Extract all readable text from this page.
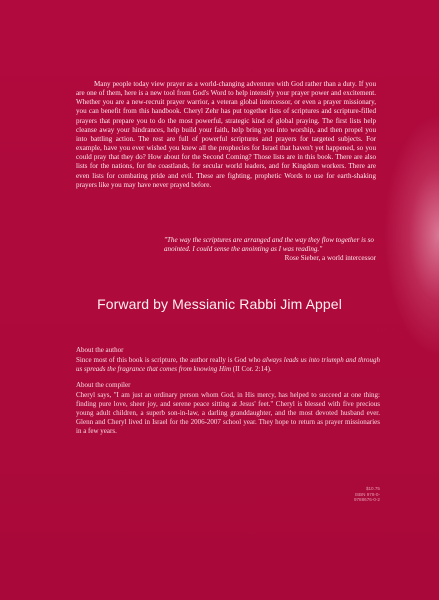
Many people today view prayer as a world-changing adventure with God rather than a duty. If you are one of them, here is a new tool from God's Word to help intensify your prayer power and excitement. Whether you are a new-recruit prayer warrior, a veteran global intercessor, or even a prayer missionary, you can benefit from this handbook. Cheryl Zehr has put together lists of scriptures and scripture-filled prayers that prepare you to do the most powerful, strategic kind of global praying. The first lists help cleanse away your hindrances, help build your faith, help bring you into worship, and then propel you into battling action. The rest are full of powerful scriptures and prayers for targeted subjects. For example, have you ever wished you knew all the prophecies for Israel that haven't yet happened, so you could pray that they do? How about for the Second Coming? Those lists are in this book. There are also lists for the nations, for the coastlands, for secular world leaders, and for Kingdom workers. There are even lists for combating pride and evil. These are fighting, prophetic Words to use for earth-shaking prayers like you may have never prayed before.

"The way the scriptures are arranged and the way they flow together is so anointed. I could sense the anointing as I was reading."
Rose Sieber, a world intercessor
Forward by Messianic Rabbi Jim Appel
About the author
Since most of this book is scripture, the author really is God who always leads us into triumph and through us spreads the fragrance that comes from knowing Him (II Cor. 2:14).
About the compiler
Cheryl says, "I am just an ordinary person whom God, in His mercy, has helped to succeed at one thing: finding pure love, sheer joy, and serene peace sitting at Jesus' feet." Cheryl is blessed with five precious young adult children, a superb son-in-law, a darling granddaughter, and the most devoted husband ever. Glenn and Cheryl lived in Israel for the 2006-2007 school year. They hope to return as prayer missionaries in a few years.
$10.75
ISBN 978-0-9788676-0-2
